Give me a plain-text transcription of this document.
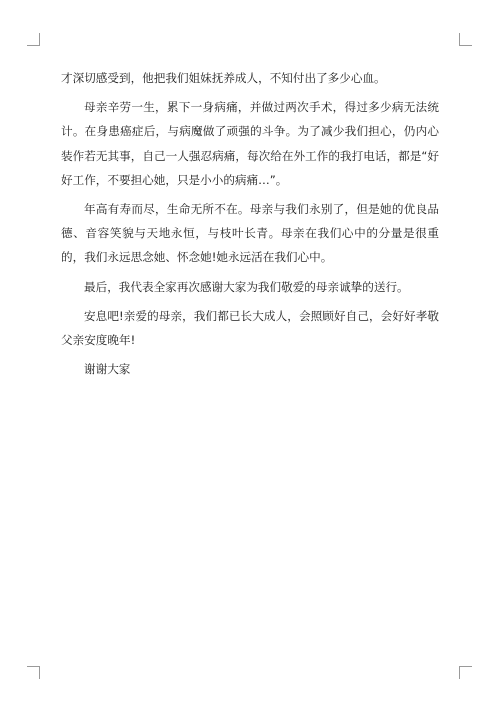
才深切感受到，他把我们姐妹抚养成人，不知付出了多少心血。

母亲辛劳一生，累下一身病痛，并做过两次手术，得过多少病无法统计。在身患癌症后，与病魔做了顽强的斗争。为了减少我们担心，仍内心装作若无其事，自己一人强忍病痛，每次给在外工作的我打电话，都是“好好工作，不要担心她，只是小小的病痛…”。

年高有寿而尽，生命无所不在。母亲与我们永别了，但是她的优良品德、音容笑貌与天地永恒，与枝叶长青。母亲在我们心中的分量是很重的，我们永远思念她、怀念她!她永远活在我们心中。

最后，我代表全家再次感谢大家为我们敬爱的母亲诚挚的送行。

安息吧!亲爱的母亲，我们都已长大成人，会照顾好自己，会好好孝敬父亲安度晚年!

谢谢大家
